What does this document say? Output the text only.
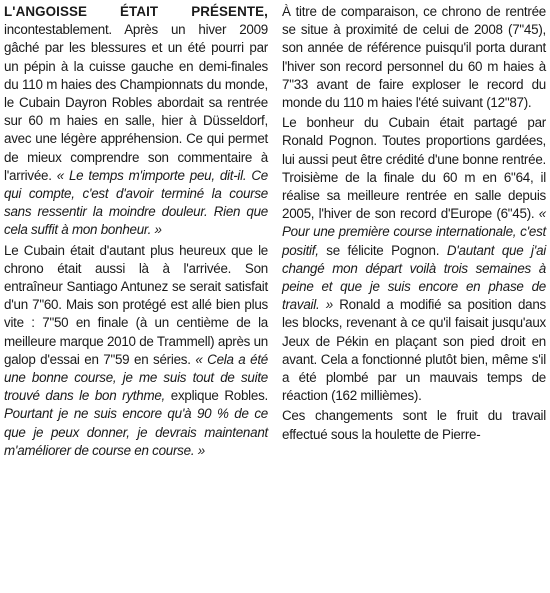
L'ANGOISSE ÉTAIT PRÉSENTE, incontestablement. Après un hiver 2009 gâché par les blessures et un été pourri par un pépin à la cuisse gauche en demi-finales du 110 m haies des Championnats du monde, le Cubain Dayron Robles abordait sa rentrée sur 60 m haies en salle, hier à Düsseldorf, avec une légère appréhension. Ce qui permet de mieux comprendre son commentaire à l'arrivée. « Le temps m'importe peu, dit-il. Ce qui compte, c'est d'avoir terminé la course sans ressentir la moindre douleur. Rien que cela suffit à mon bonheur. »

Le Cubain était d'autant plus heureux que le chrono était aussi là à l'arrivée. Son entraîneur Santiago Antunez se serait satisfait d'un 7"60. Mais son protégé est allé bien plus vite : 7"50 en finale (à un centième de la meilleure marque 2010 de Trammell) après un galop d'essai en 7"59 en séries. « Cela a été une bonne course, je me suis tout de suite trouvé dans le bon rythme, explique Robles. Pourtant je ne suis encore qu'à 90 % de ce que je peux donner, je devrais maintenant m'améliorer de course en course. »

À titre de comparaison, ce chrono de rentrée se situe à proximité de celui de 2008 (7"45), son année de référence puisqu'il porta durant l'hiver son record personnel du 60 m haies à 7"33 avant de faire exploser le record du monde du 110 m haies l'été suivant (12"87).

Le bonheur du Cubain était partagé par Ronald Pognon. Toutes proportions gardées, lui aussi peut être crédité d'une bonne rentrée. Troisième de la finale du 60 m en 6"64, il réalise sa meilleure rentrée en salle depuis 2005, l'hiver de son record d'Europe (6"45). « Pour une première course internationale, c'est positif, se félicite Pognon. D'autant que j'ai changé mon départ voilà trois semaines à peine et que je suis encore en phase de travail. » Ronald a modifié sa position dans les blocks, revenant à ce qu'il faisait jusqu'aux Jeux de Pékin en plaçant son pied droit en avant. Cela a fonctionné plutôt bien, même s'il a été plombé par un mauvais temps de réaction (162 millièmes).

Ces changements sont le fruit du travail effectué sous la houlette de Pierre-
